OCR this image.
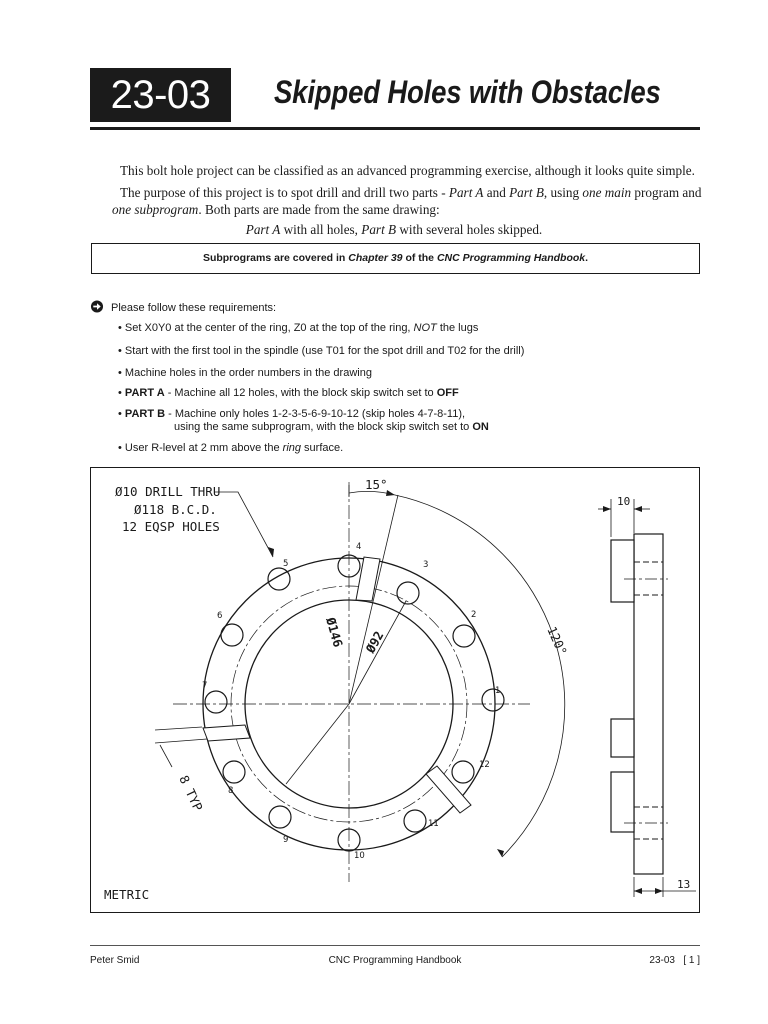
23-03	Skipped Holes with Obstacles
This bolt hole project can be classified as an advanced programming exercise, although it looks quite simple.
The purpose of this project is to spot drill and drill two parts - Part A and Part B, using one main program and one subprogram. Both parts are made from the same drawing:
Part A with all holes, Part B with several holes skipped.
Subprograms are covered in Chapter 39 of the CNC Programming Handbook.
Please follow these requirements:
• Set X0Y0 at the center of the ring, Z0 at the top of the ring, NOT the lugs
• Start with the first tool in the spindle (use T01 for the spot drill and T02 for the drill)
• Machine holes in the order numbers in the drawing
• PART A - Machine all 12 holes, with the block skip switch set to OFF
• PART B - Machine only holes 1-2-3-5-6-9-10-12 (skip holes 4-7-8-11),
using the same subprogram, with the block skip switch set to ON
• User R-level at 2 mm above the ring surface.
Ø10 DRILL THRU
Ø118 B.C.D.
12 EQSP HOLES
METRIC
15°
10
13
Ø146 Ø92	120°
8 TYP
1
2
3
4
5
6
7
8
9
10
11
12
Peter Smid	CNC Programming Handbook	23-03   [ 1 ]
